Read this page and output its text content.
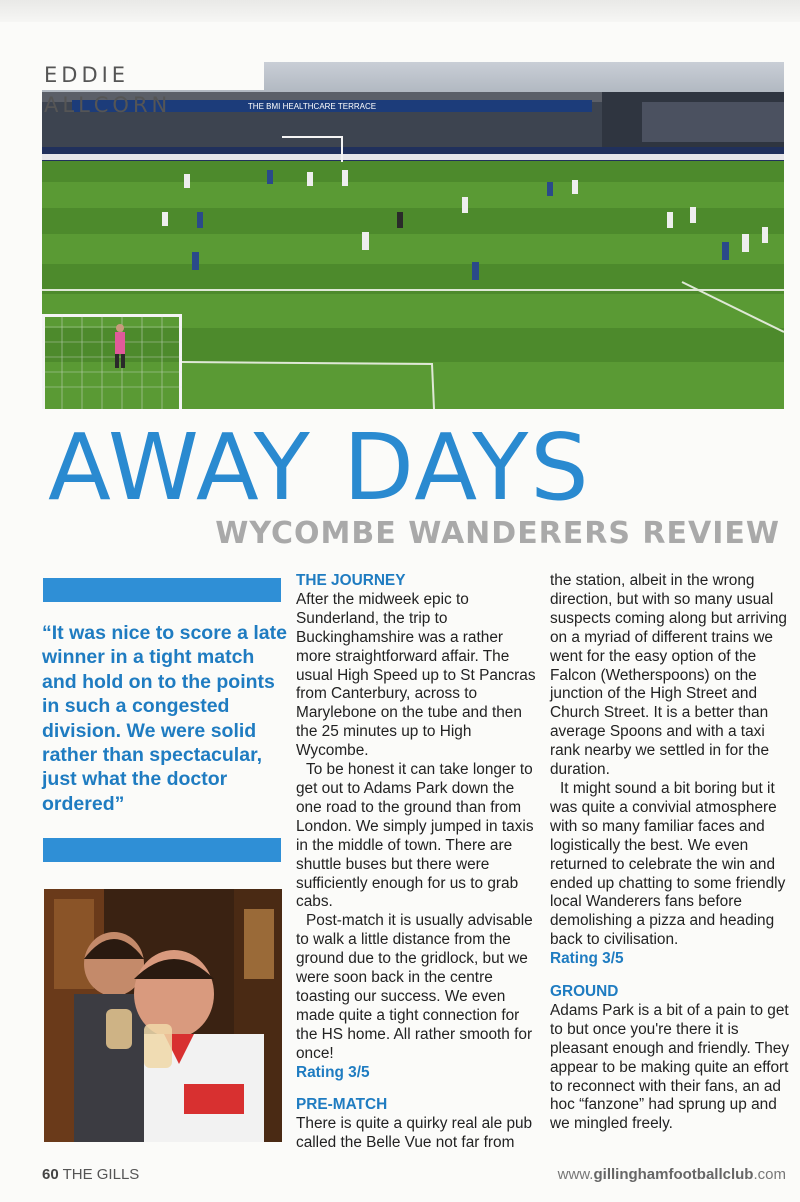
THE BMI HEALTHCARE TERRACE
EDDIE ALLCORN
AWAY DAYS
WYCOMBE WANDERERS REVIEW

“It was nice to score a late winner in a tight match and hold on to the points in such a congested division. We were solid rather than spectacular, just what the doctor ordered”

THE JOURNEY

After the midweek epic to Sunderland, the trip to Buckinghamshire was a rather more straightforward affair. The usual High Speed up to St Pancras from Canterbury, across to Marylebone on the tube and then the 25 minutes up to High Wycombe.

To be honest it can take longer to get out to Adams Park down the one road to the ground than from London. We simply jumped in taxis in the middle of town. There are shuttle buses but there were sufficiently enough for us to grab cabs.

Post-match it is usually advisable to walk a little distance from the ground due to the gridlock, but we were soon back in the centre toasting our success. We even made quite a tight connection for the HS home. All rather smooth for once!

Rating 3/5
PRE-MATCH

There is quite a quirky real ale pub called the Belle Vue not far from

the station, albeit in the wrong direction, but with so many usual suspects coming along but arriving on a myriad of different trains we went for the easy option of the Falcon (Wetherspoons) on the junction of the High Street and Church Street. It is a better than average Spoons and with a taxi rank nearby we settled in for the duration.

It might sound a bit boring but it was quite a convivial atmosphere with so many familiar faces and logistically the best. We even returned to celebrate the win and ended up chatting to some friendly local Wanderers fans before demolishing a pizza and heading back to civilisation.

Rating 3/5
GROUND

Adams Park is a bit of a pain to get to but once you're there it is pleasant enough and friendly. They appear to be making quite an effort to reconnect with their fans, an ad hoc “fanzone” had sprung up and we mingled freely.

60 THE GILLS	www.gillinghamfootballclub.com
